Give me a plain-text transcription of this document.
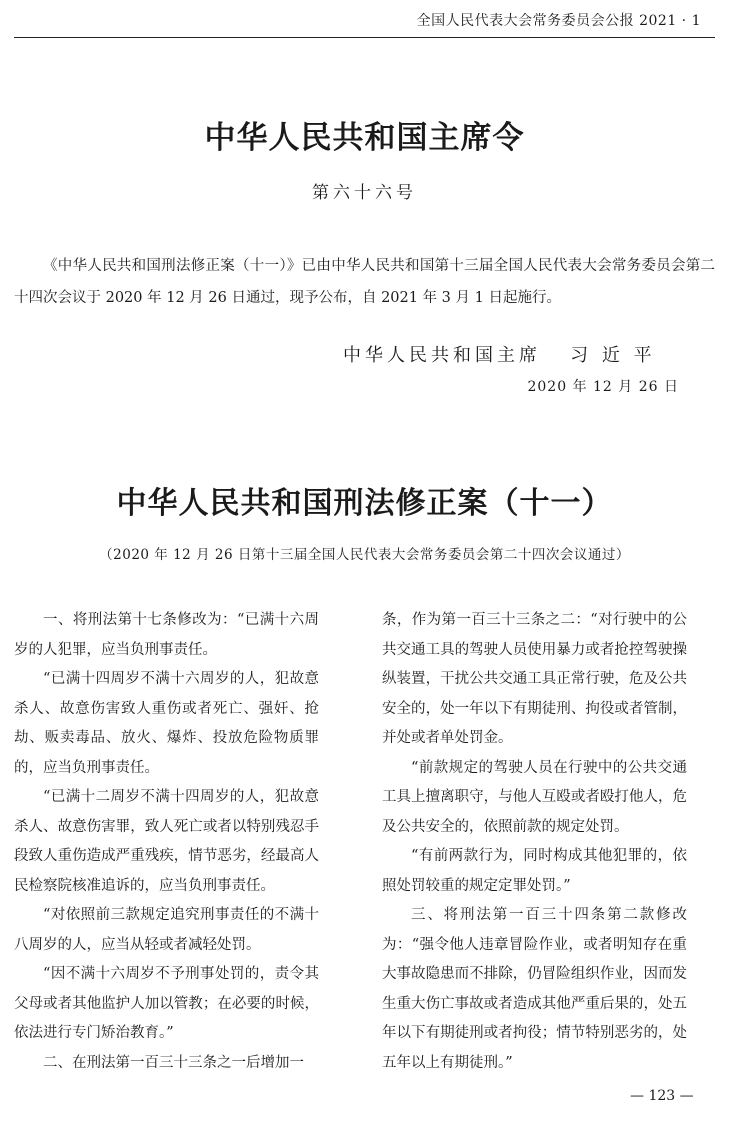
全国人民代表大会常务委员会公报 2021 · 1
中华人民共和国主席令
第六十六号
《中华人民共和国刑法修正案（十一）》已由中华人民共和国第十三届全国人民代表大会常务委员会第二十四次会议于 2020 年 12 月 26 日通过，现予公布，自 2021 年 3 月 1 日起施行。
中华人民共和国主席   习 近 平
2020 年 12 月 26 日
中华人民共和国刑法修正案（十一）
（2020 年 12 月 26 日第十三届全国人民代表大会常务委员会第二十四次会议通过）

一、将刑法第十七条修改为：“已满十六周岁的人犯罪，应当负刑事责任。

“已满十四周岁不满十六周岁的人，犯故意杀人、故意伤害致人重伤或者死亡、强奸、抢劫、贩卖毒品、放火、爆炸、投放危险物质罪的，应当负刑事责任。

“已满十二周岁不满十四周岁的人，犯故意杀人、故意伤害罪，致人死亡或者以特别残忍手段致人重伤造成严重残疾，情节恶劣，经最高人民检察院核准追诉的，应当负刑事责任。

“对依照前三款规定追究刑事责任的不满十八周岁的人，应当从轻或者减轻处罚。

“因不满十六周岁不予刑事处罚的，责令其父母或者其他监护人加以管教；在必要的时候，依法进行专门矫治教育。”

二、在刑法第一百三十三条之一后增加一

条，作为第一百三十三条之二：“对行驶中的公共交通工具的驾驶人员使用暴力或者抢控驾驶操纵装置，干扰公共交通工具正常行驶，危及公共安全的，处一年以下有期徒刑、拘役或者管制，并处或者单处罚金。

“前款规定的驾驶人员在行驶中的公共交通工具上擅离职守，与他人互殴或者殴打他人，危及公共安全的，依照前款的规定处罚。

“有前两款行为，同时构成其他犯罪的，依照处罚较重的规定定罪处罚。”

三、将刑法第一百三十四条第二款修改为：“强令他人违章冒险作业，或者明知存在重大事故隐患而不排除，仍冒险组织作业，因而发生重大伤亡事故或者造成其他严重后果的，处五年以下有期徒刑或者拘役；情节特别恶劣的，处五年以上有期徒刑。”

— 123 —
